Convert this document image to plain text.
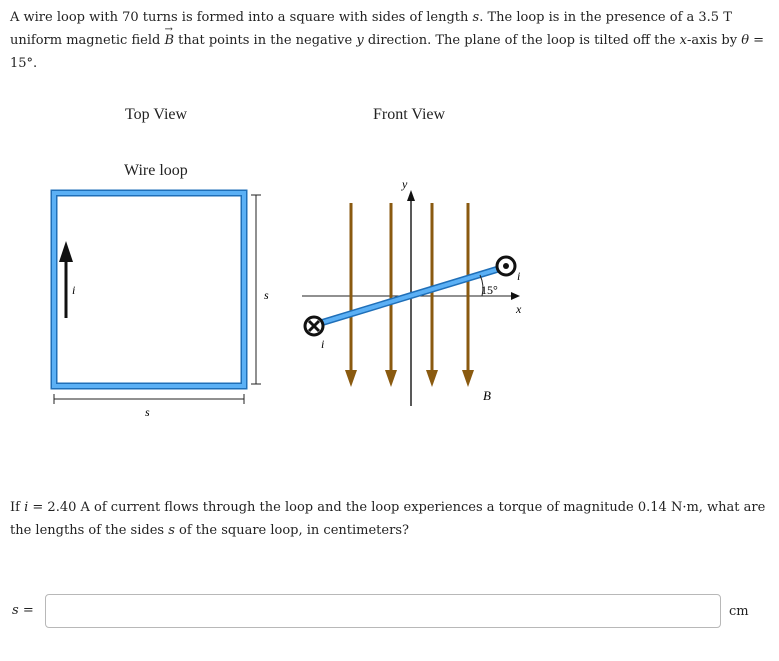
A wire loop with 70 turns is formed into a square with sides of length s. The loop is in the presence of a 3.5 T uniform magnetic field
→
B that points in the negative y direction. The plane of the loop is tilted off the x-axis by θ = 15°.
Top View	Front View
Wire loop
i	s
s
y
x
B
15°
i
i
If i = 2.40 A of current flows through the loop and the loop experiences a torque of magnitude 0.14 N·m, what are the lengths of the sides s of the square loop, in centimeters?
s =	cm
